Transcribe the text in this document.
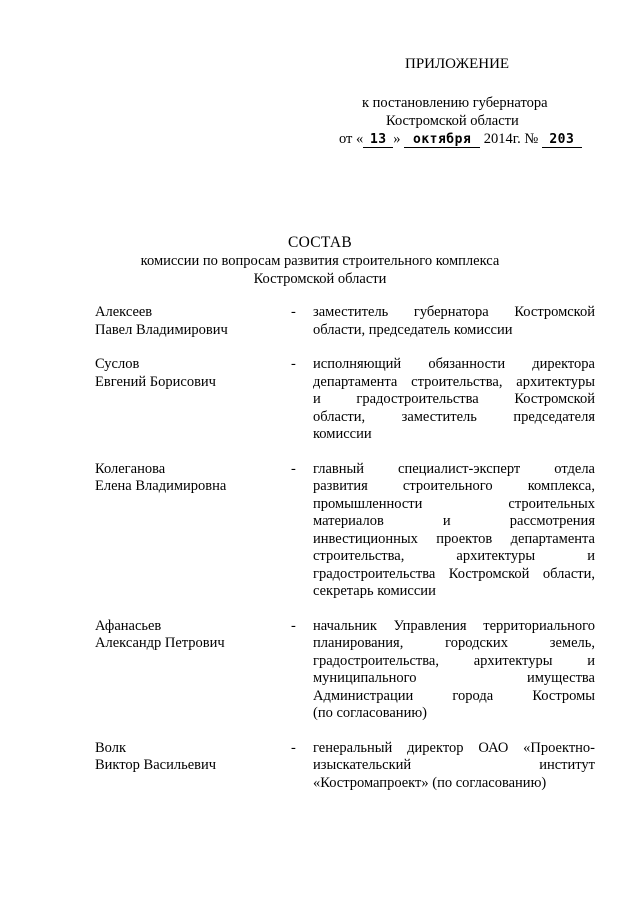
ПРИЛОЖЕНИЕ
к постановлению губернатора
Костромской области
от « 13 » октября 2014г. № 203
СОСТАВ
комиссии по вопросам развития строительного комплекса
Костромской области
Алексеев
Павел Владимирович
-	заместитель губернатора Костромской
области, председатель комиссии
Суслов
Евгений Борисович
-	исполняющий обязанности директора
департамента строительства, архитектуры
и градостроительства Костромской
области, заместитель председателя
комиссии
Колеганова
Елена Владимировна
-	главный специалист-эксперт отдела
развития строительного комплекса,
промышленности строительных
материалов и рассмотрения
инвестиционных проектов департамента
строительства, архитектуры и
градостроительства Костромской области,
секретарь комиссии
Афанасьев
Александр Петрович
-	начальник Управления территориального
планирования, городских земель,
градостроительства, архитектуры и
муниципального имущества
Администрации города Костромы
(по согласованию)
Волк
Виктор Васильевич
-	генеральный директор ОАО «Проектно-
изыскательский институт
«Костромапроект» (по согласованию)
